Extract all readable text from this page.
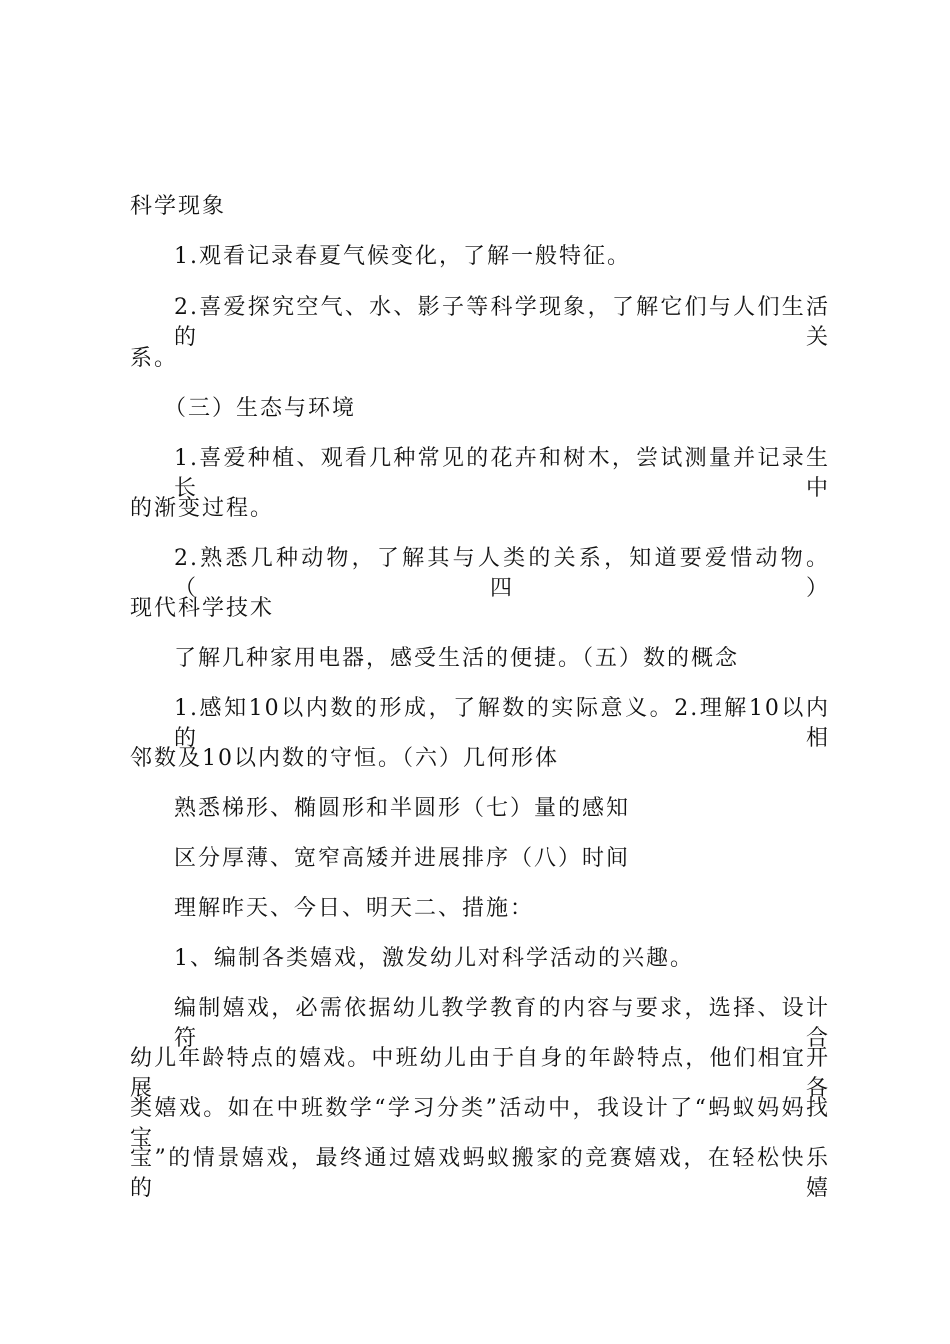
科学现象
1.观看记录春夏气候变化，了解一般特征。
2.喜爱探究空气、水、影子等科学现象，了解它们与人们生活的关
系。
（三）生态与环境
1.喜爱种植、观看几种常见的花卉和树木，尝试测量并记录生长中
的渐变过程。
2.熟悉几种动物，了解其与人类的关系，知道要爱惜动物。（四）
现代科学技术
了解几种家用电器，感受生活的便捷。（五）数的概念
1.感知10以内数的形成，了解数的实际意义。2.理解10以内的相
邻数及10以内数的守恒。（六）几何形体
熟悉梯形、椭圆形和半圆形（七）量的感知
区分厚薄、宽窄高矮并进展排序（八）时间
理解昨天、今日、明天二、措施：
1、编制各类嬉戏，激发幼儿对科学活动的兴趣。
编制嬉戏，必需依据幼儿教学教育的内容与要求，选择、设计符合
幼儿年龄特点的嬉戏。中班幼儿由于自身的年龄特点，他们相宜开展各
类嬉戏。如在中班数学“学习分类”活动中，我设计了“蚂蚁妈妈找宝
宝”的情景嬉戏，最终通过嬉戏蚂蚁搬家的竞赛嬉戏，在轻松快乐的嬉
